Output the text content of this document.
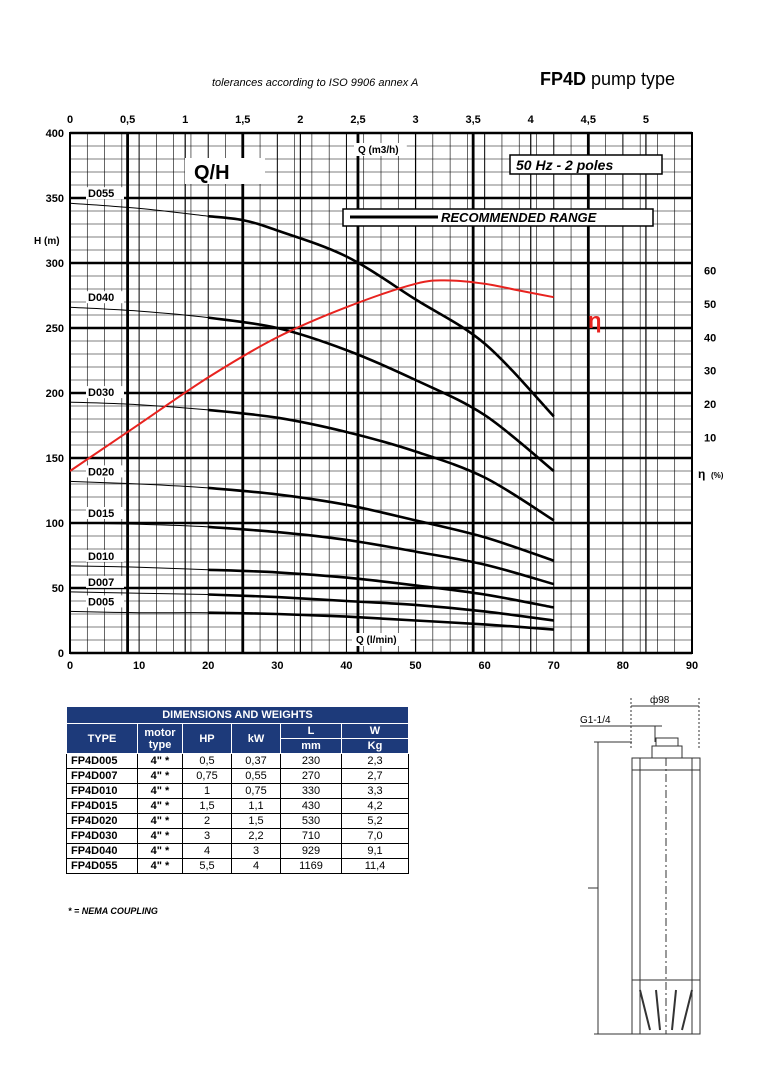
tolerances according to ISO 9906 annex A	FP4D pump type
0	10	20	30	40	50	60	70	80	90
0	0,5	1	1,5	2	2,5	3	3,5	4	4,5	5
0
50
100
150
200
250
300
350
400
10
20
30
40
50
60
H (m)
η (%)
Q (m3/h)
Q (l/min)
Q/H	50 Hz - 2 poles
RECOMMENDED RANGE
η
D055
D040
D030
D020
D015
D010
D007
D005
DIMENSIONS AND WEIGHTS					
TYPE	motor type	HP	kW	L	W
				mm	Kg
FP4D005	4" *	0,5	0,37	230	2,3
FP4D007	4" *	0,75	0,55	270	2,7
FP4D010	4" *	1	0,75	330	3,3
FP4D015	4" *	1,5	1,1	430	4,2
FP4D020	4" *	2	1,5	530	5,2
FP4D030	4" *	3	2,2	710	7,0
FP4D040	4" *	4	3	929	9,1
FP4D055	4" *	5,5	4	1169	11,4
* = NEMA COUPLING
ф98
G1-1/4
L
